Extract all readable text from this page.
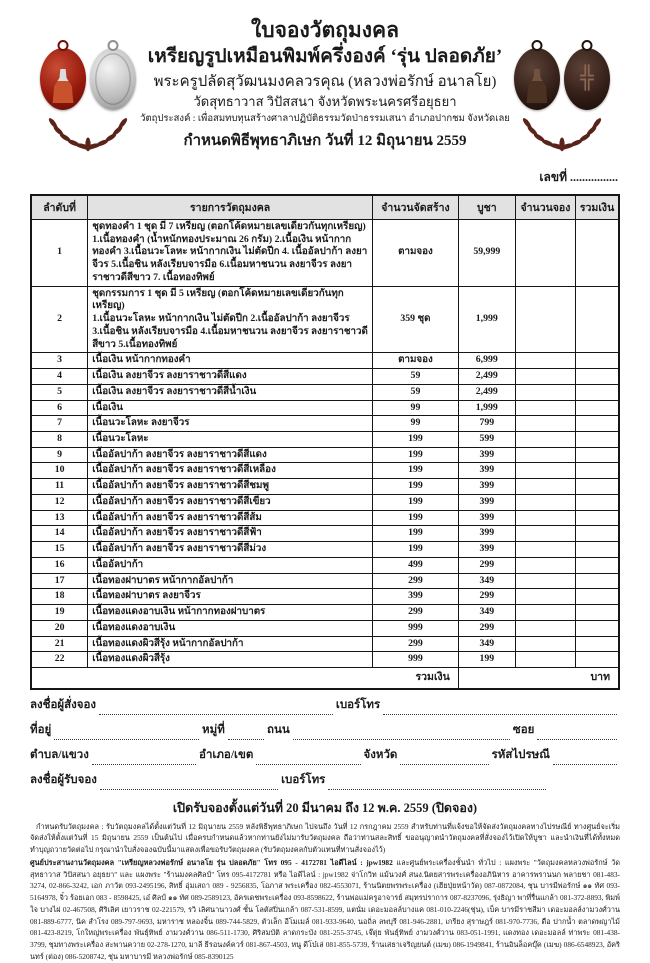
╬
ใบจองวัตถุมงคล
เหรียญรูปเหมือนพิมพ์ครึ่งองค์ ‘รุ่น ปลอดภัย’
พระครูปลัดสุวัฒนมงคลวรคุณ (หลวงพ่อรักษ์ อนาลโย)
วัดสุทธาวาส วิปัสสนา จังหวัดพระนครศรีอยุธยา
วัตถุประสงค์ : เพื่อสมทบทุนสร้างศาลาปฏิบัติธรรมวัดป่าธรรมเสนา อำเภอปากชม จังหวัดเลย
กำหนดพิธีพุทธาภิเษก วันที่ 12 มิถุนายน 2559
เลขที่ ................
ลำดับที่	รายการวัตถุมงคล	จำนวนจัดสร้าง	บูชา	จำนวนจอง	รวมเงิน
1	ชุดทองคำ 1 ชุด มี 7 เหรียญ (ตอกโค้ดหมายเลขเดียวกันทุกเหรียญ)
1.เนื้อทองคำ (น้ำหนักทองประมาณ 26 กรัม) 2.เนื้อเงิน หน้ากากทองคำ 3.เนื้อนวะโลหะ หน้ากากเงิน ไม่ตัดปีก 4. เนื้ออัลปาก้า ลงยาจีวร 5.เนื้อชิน หลังเรียบจารมือ 6.เนื้อมหาชนวน ลงยาจีวร ลงยาราชาวดีสีขาว 7. เนื้อทองทิพย์	ตามจอง	59,999		
2	ชุดกรรมการ 1 ชุด มี 5 เหรียญ (ตอกโค้ดหมายเลขเดียวกันทุกเหรียญ)
1.เนื้อนวะโลหะ หน้ากากเงิน ไม่ตัดปีก 2.เนื้ออัลปาก้า ลงยาจีวร 3.เนื้อชิน หลังเรียบจารมือ 4.เนื้อมหาชนวน ลงยาจีวร ลงยาราชาวดีสีขาว 5.เนื้อทองทิพย์	359 ชุด	1,999		
3	เนื้อเงิน หน้ากากทองคำ	ตามจอง	6,999		
4	เนื้อเงิน ลงยาจีวร ลงยาราชาวดีสีแดง	59	2,499		
5	เนื้อเงิน ลงยาจีวร ลงยาราชาวดีสีน้ำเงิน	59	2,499		
6	เนื้อเงิน	99	1,999		
7	เนื้อนวะโลหะ ลงยาจีวร	99	799		
8	เนื้อนวะโลหะ	199	599		
9	เนื้ออัลปาก้า ลงยาจีวร ลงยาราชาวดีสีแดง	199	399		
10	เนื้ออัลปาก้า ลงยาจีวร ลงยาราชาวดีสีเหลือง	199	399		
11	เนื้ออัลปาก้า ลงยาจีวร ลงยาราชาวดีสีชมพู	199	399		
12	เนื้ออัลปาก้า ลงยาจีวร ลงยาราชาวดีสีเขียว	199	399		
13	เนื้ออัลปาก้า ลงยาจีวร ลงยาราชาวดีสีส้ม	199	399		
14	เนื้ออัลปาก้า ลงยาจีวร ลงยาราชาวดีสีฟ้า	199	399		
15	เนื้ออัลปาก้า ลงยาจีวร ลงยาราชาวดีสีม่วง	199	399		
16	เนื้ออัลปาก้า	499	299		
17	เนื้อทองฝาบาตร หน้ากากอัลปาก้า	299	349		
18	เนื้อทองฝาบาตร ลงยาจีวร	399	299		
19	เนื้อทองแดงอาบเงิน หน้ากากทองฝาบาตร	299	349		
20	เนื้อทองแดงอาบเงิน	999	299		
21	เนื้อทองแดงผิวสีรุ้ง หน้ากากอัลปาก้า	299	349		
22	เนื้อทองแดงผิวสีรุ้ง	999	199		
รวมเงิน			บาท		
ลงชื่อผู้สั่งจอง	เบอร์โทร
ที่อยู่	หมู่ที่	ถนน	ซอย
ตำบล/แขวง	อำเภอ/เขต	จังหวัด	รหัสไปรษณี
ลงชื่อผู้รับจอง	เบอร์โทร
เปิดรับจองตั้งแต่วันที่ 20 มีนาคม ถึง 12 พ.ค. 2559 (ปิดจอง)

กำหนดรับวัตถุมงคล : รับวัตถุมงคลได้ตั้งแต่วันที่ 12 มิถุนายน 2559 หลังพิธีพุทธาภิเษก ไปจนถึง วันที่ 12 กรกฎาคม 2559 สำหรับท่านที่แจ้งขอให้จัดส่งวัตถุมงคลทางไปรษณีย์ ทางศูนย์จะเริ่มจัดส่งให้ตั้งแต่วันที่ 15 มิถุนายน 2559 เป็นต้นไป เมื่อครบกำหนดแล้วหากท่านยังไม่มารับวัตถุมงคล ถือว่าท่านสละสิทธิ์ ขออนุญาตนำวัตถุมงคลที่สั่งจองไว้เปิดให้บูชา และนำเงินที่ได้ทั้งหมดทำบุญถวายวัดต่อไป กรุณานำใบสั่งจองฉบับนี้มาแสดงเพื่อขอรับวัตถุมงคล (รับวัตถุมงคลกับตัวแทนที่ท่านสั่งจองไว้)

ศูนย์ประสานงานวัตถุมงคล "เหรียญหลวงพ่อรักษ์ อนาลโย รุ่น ปลอดภัย" โทร 095 - 4172781 ไอดีไลน์ : jpw1982 และศูนย์พระเครื่องชั้นนำ ทั่วไป : แผงพระ "วัตถุมงคลหลวงพ่อรักษ์ วัดสุทธาวาส วิปัสสนา อยุธยา" และ แผงพระ "ร้านมงคลศิลป์" โทร 095-4172781 หรือ ไอดีไลน์ : jpw1982 จ่าโกวิท แม้นวงศ์ สนง.นิตยสารพระเครื่องอภินิหาร อาคารพรานนก พลายชา 081-483-3274, 02-866-3242, เอก ภาวัต 093-2495196, สิทธิ์ อุ่มเสถา 089 - 9256835, โอภาส พระเครื่อง 082-4553071, ร้านนิตยพรพระเครื่อง (เฮียปุ่ยหน้าวัด) 087-0872084, ชุน บารมีพ่อรักษ์ ๑๑ ทัศ 093-5164978, จิ๋ว ร้อยเอก 083 - 8598425, เอ๋ ศิลป์ ๑๑ ทัศ 089-2589123, อัครเดชพระเครื่อง 093-8598622, ร้านพ่อแม่ครูอาจารย์ สมุทรปราการ 087-8237096, รุ่งธิญา พาที่รื่นแกล้า 081-372-8893, พิมพ์ใจ บางไผ่ 02-467508, ศิริเลิศ เยาวราช 02-221579, รวิ เลิศนานาวงศ์ ชั้น โลตัสปิ่นเกล้า 087-531-8599, แตนั่ม เดอะมอลล์บางแค 081-010-2246(ชุ่น), เบ็ค บารมีราชสีมา เดอะมอลล์งามวงศ์วาน 081-889-6777, นิค สำโรง 089-797-9693, มหาราช หลองจิ้น 089-744-5829, ตัวเล็ก อีโมเมล์ 081-933-9640, นอถิ่ล ลพบุรี 081-946-2881, เกรียง สุราษฎร์ 081-970-7736, ดือ ปากน้ำ ตลาดพญาไม้ 081-423-8219, โกใหญ่พระเครื่อง พันธุ์ทิพย์ งามวงศ์วาน 086-511-1730, ศิริสมบัติ ลาดกระบัง 081-255-3745, เจ๊ตุ่ย พันธุ์ทิพย์ งามวงศ์วาน 083-051-1991, แดงทอง เดอะมอลล์ ท่าพระ 081-438-3799, ชุมทางพระเครื่อง สะพานควาย 02-278-1270, มาลี ธีรอนงค์ควร์ 081-867-4503, หนู ดีโบ๋เล่ 081-855-5739, ร้านเสธาเจริญยนต์ (เมฆ) 086-1949841, ร้านอินล็อคบุ๊ค (เมฆ) 086-6548923, อัครินทร์ (ต่อง) 086-5208742, ชุ่น มหาบารมี หลวงพ่อรักษ์ 085-8390125
